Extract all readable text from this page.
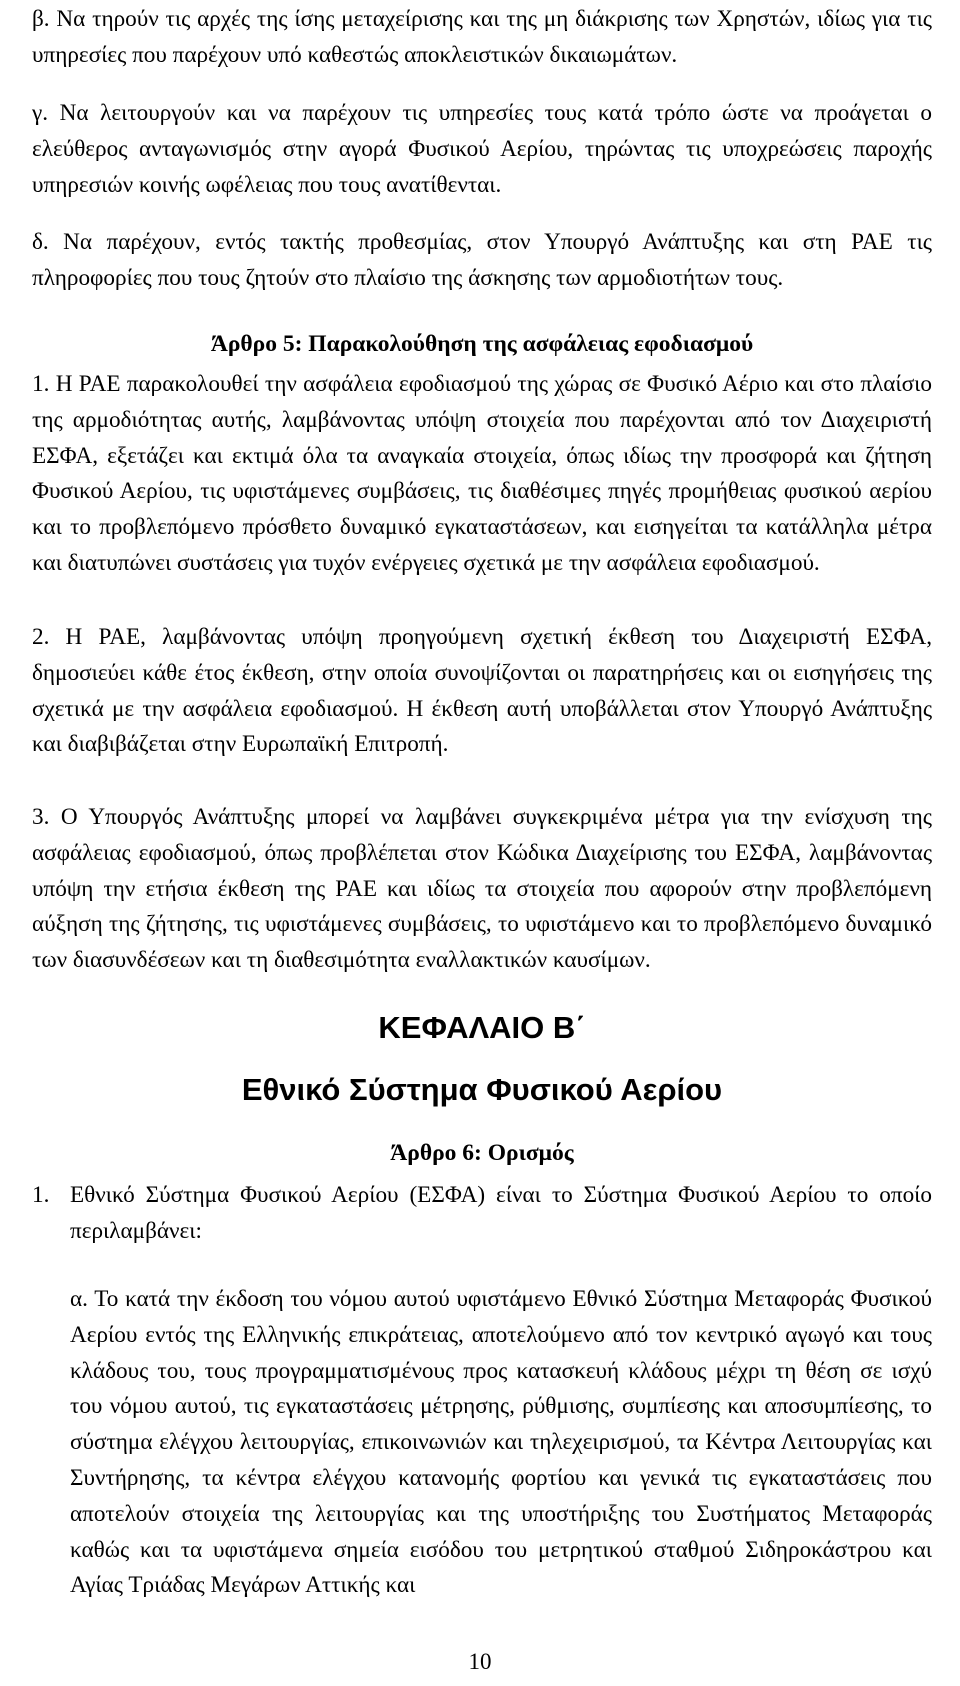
β. Να τηρούν τις αρχές της ίσης μεταχείρισης και της μη διάκρισης των Χρηστών, ιδίως για τις υπηρεσίες που παρέχουν υπό καθεστώς αποκλειστικών δικαιωμάτων.

γ. Να λειτουργούν και να παρέχουν τις υπηρεσίες τους κατά τρόπο ώστε να προάγεται ο ελεύθερος ανταγωνισμός στην αγορά Φυσικού Αερίου, τηρώντας τις υποχρεώσεις παροχής υπηρεσιών κοινής ωφέλειας που τους ανατίθενται.

δ. Να παρέχουν, εντός τακτής προθεσμίας, στον Υπουργό Ανάπτυξης και στη ΡΑΕ τις πληροφορίες που τους ζητούν στο πλαίσιο της άσκησης των αρμοδιοτήτων τους.

Άρθρο 5: Παρακολούθηση της ασφάλειας εφοδιασμού

1. Η ΡΑΕ παρακολουθεί την ασφάλεια εφοδιασμού της χώρας σε Φυσικό Αέριο και στο πλαίσιο της αρμοδιότητας αυτής, λαμβάνοντας υπόψη στοιχεία που παρέχονται από τον Διαχειριστή ΕΣΦΑ, εξετάζει και εκτιμά όλα τα αναγκαία στοιχεία, όπως ιδίως την προσφορά και ζήτηση Φυσικού Αερίου, τις υφιστάμενες συμβάσεις, τις διαθέσιμες πηγές προμήθειας φυσικού αερίου και το προβλεπόμενο πρόσθετο δυναμικό εγκαταστάσεων, και εισηγείται τα κατάλληλα μέτρα και διατυπώνει συστάσεις για τυχόν ενέργειες σχετικά με την ασφάλεια εφοδιασμού.

2. Η ΡΑΕ, λαμβάνοντας υπόψη προηγούμενη σχετική έκθεση του Διαχειριστή ΕΣΦΑ, δημοσιεύει κάθε έτος έκθεση, στην οποία συνοψίζονται οι παρατηρήσεις και οι εισηγήσεις της σχετικά με την ασφάλεια εφοδιασμού. Η έκθεση αυτή υποβάλλεται στον Υπουργό Ανάπτυξης και διαβιβάζεται στην Ευρωπαϊκή Επιτροπή.

3. Ο Υπουργός Ανάπτυξης μπορεί να λαμβάνει συγκεκριμένα μέτρα για την ενίσχυση της ασφάλειας εφοδιασμού, όπως προβλέπεται στον Κώδικα Διαχείρισης του ΕΣΦΑ, λαμβάνοντας υπόψη την ετήσια έκθεση της ΡΑΕ και ιδίως τα στοιχεία που αφορούν στην προβλεπόμενη αύξηση της ζήτησης, τις υφιστάμενες συμβάσεις, το υφιστάμενο και το προβλεπόμενο δυναμικό των διασυνδέσεων και τη διαθεσιμότητα εναλλακτικών καυσίμων.

ΚΕΦΑΛΑΙΟ Β΄
Εθνικό Σύστημα Φυσικού Αερίου
Άρθρο 6: Ορισμός
1. Εθνικό Σύστημα Φυσικού Αερίου (ΕΣΦΑ) είναι το Σύστημα Φυσικού Αερίου το οποίο περιλαμβάνει:

α. Το κατά την έκδοση του νόμου αυτού υφιστάμενο Εθνικό Σύστημα Μεταφοράς Φυσικού Αερίου εντός της Ελληνικής επικράτειας, αποτελούμενο από τον κεντρικό αγωγό και τους κλάδους του, τους προγραμματισμένους προς κατασκευή κλάδους μέχρι τη θέση σε ισχύ του νόμου αυτού, τις εγκαταστάσεις μέτρησης, ρύθμισης, συμπίεσης και αποσυμπίεσης, το σύστημα ελέγχου λειτουργίας, επικοινωνιών και τηλεχειρισμού, τα Κέντρα Λειτουργίας και Συντήρησης, τα κέντρα ελέγχου κατανομής φορτίου και γενικά τις εγκαταστάσεις που αποτελούν στοιχεία της λειτουργίας και της υποστήριξης του Συστήματος Μεταφοράς καθώς και τα υφιστάμενα σημεία εισόδου του μετρητικού σταθμού Σιδηροκάστρου και Αγίας Τριάδας Μεγάρων Αττικής και

10
